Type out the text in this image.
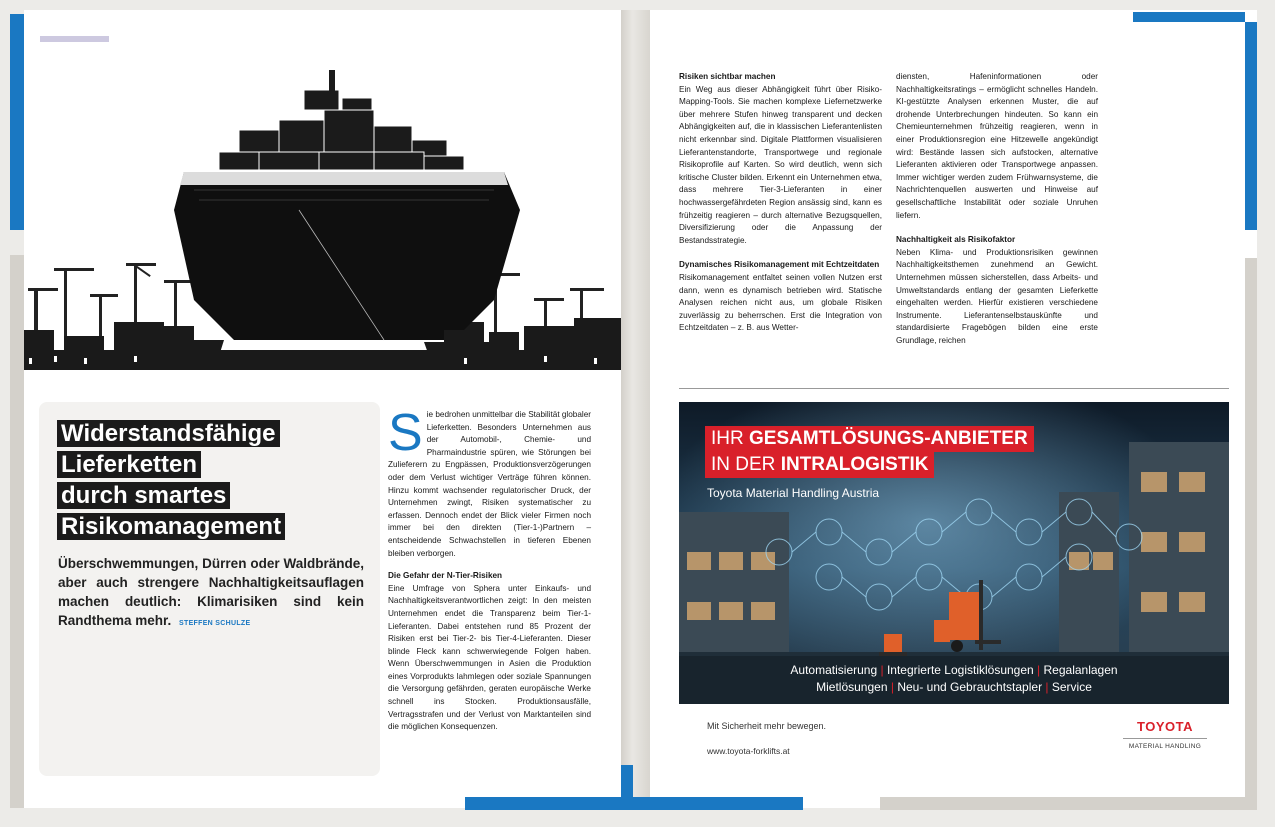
Widerstandsfähige
Lieferketten
durch smartes
Risikomanagement
Überschwemmungen, Dürren oder Waldbrände, aber auch strengere Nachhaltigkeitsauflagen machen deutlich: Klimarisiken sind kein Randthema mehr. STEFFEN SCHULZE
S ie bedrohen unmittelbar die Stabilität globaler Lieferketten. Besonders Unternehmen aus der Automobil-, Chemie- und Pharmaindustrie spüren, wie Störungen bei Zulieferern zu Engpässen, Produktionsverzögerungen oder dem Verlust wichtiger Verträge führen können. Hinzu kommt wachsender regulatorischer Druck, der Unternehmen zwingt, Risiken systematischer zu erfassen. Dennoch endet der Blick vieler Firmen noch immer bei den direkten (Tier-1-)Partnern – entscheidende Schwachstellen in tieferen Ebenen bleiben verborgen.

Die Gefahr der N-Tier-Risiken

Eine Umfrage von Sphera unter Einkaufs- und Nachhaltigkeitsverantwortlichen zeigt: In den meisten Unternehmen endet die Transparenz beim Tier-1-Lieferanten. Dabei entstehen rund 85 Prozent der Risiken erst bei Tier-2- bis Tier-4-Lieferanten. Dieser blinde Fleck kann schwerwiegende Folgen haben. Wenn Überschwemmungen in Asien die Produktion eines Vorprodukts lahmlegen oder soziale Spannungen die Versorgung gefährden, geraten europäische Werke schnell ins Stocken. Produktionsausfälle, Vertragsstrafen und der Verlust von Marktanteilen sind die möglichen Konsequenzen.

Risiken sichtbar machen

Ein Weg aus dieser Abhängigkeit führt über Risiko-Mapping-Tools. Sie machen komplexe Liefernetzwerke über mehrere Stufen hinweg transparent und decken Abhängigkeiten auf, die in klassischen Lieferantenlisten nicht erkennbar sind. Digitale Plattformen visualisieren Lieferantenstandorte, Transportwege und regionale Risikoprofile auf Karten. So wird deutlich, wenn sich kritische Cluster bilden. Erkennt ein Unternehmen etwa, dass mehrere Tier-3-Lieferanten in einer hochwassergefährdeten Region ansässig sind, kann es frühzeitig reagieren – durch alternative Bezugsquellen, Diversifizierung oder die Anpassung der Bestandsstrategie.

Dynamisches Risikomanagement mit Echtzeitdaten

Risikomanagement entfaltet seinen vollen Nutzen erst dann, wenn es dynamisch betrieben wird. Statische Analysen reichen nicht aus, um globale Risiken zuverlässig zu beherrschen. Erst die Integration von Echtzeitdaten – z. B. aus Wetter-

diensten, Hafeninformationen oder Nachhaltigkeitsratings – ermöglicht schnelles Handeln. KI-gestützte Analysen erkennen Muster, die auf drohende Unterbrechungen hindeuten. So kann ein Chemieunternehmen frühzeitig reagieren, wenn in einer Produktionsregion eine Hitzewelle angekündigt wird: Bestände lassen sich aufstocken, alternative Lieferanten aktivieren oder Transportwege anpassen. Immer wichtiger werden zudem Frühwarnsysteme, die Nachrichtenquellen auswerten und Hinweise auf gesellschaftliche Instabilität oder soziale Unruhen liefern.

Nachhaltigkeit als Risikofaktor

Neben Klima- und Produktionsrisiken gewinnen Nachhaltigkeitsthemen zunehmend an Gewicht. Unternehmen müssen sicherstellen, dass Arbeits- und Umweltstandards entlang der gesamten Lieferkette eingehalten werden. Hierfür existieren verschiedene Instrumente. Lieferantenselbstauskünfte und standardisierte Fragebögen bilden eine erste Grundlage, reichen

IHR GESAMTLÖSUNGS-ANBIETER
IN DER INTRALOGISTIK
Toyota Material Handling Austria
Automatisierung | Integrierte Logistiklösungen | Regalanlagen
Mietlösungen | Neu- und Gebrauchtstapler | Service
Mit Sicherheit mehr bewegen.
www.toyota-forklifts.at
TOYOTA
MATERIAL HANDLING
